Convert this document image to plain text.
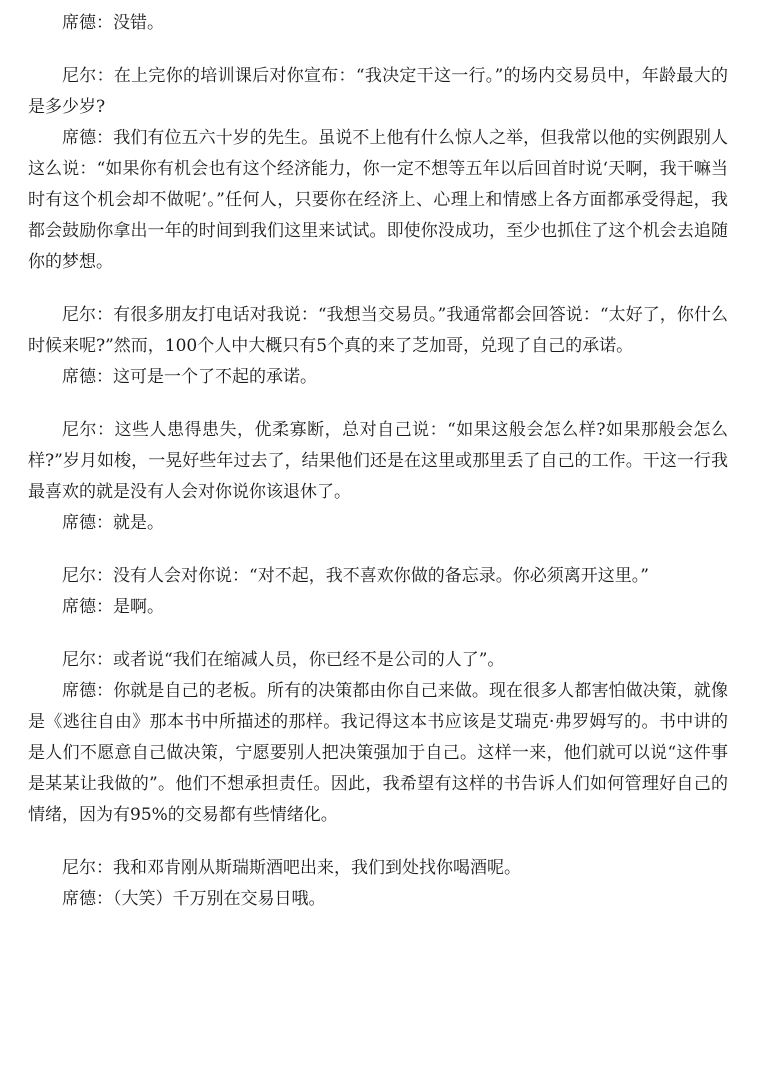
席德：没错。

尼尔：在上完你的培训课后对你宣布：“我决定干这一行。”的场内交易员中，年龄最大的是多少岁?

席德：我们有位五六十岁的先生。虽说不上他有什么惊人之举，但我常以他的实例跟别人这么说：“如果你有机会也有这个经济能力，你一定不想等五年以后回首时说‘天啊，我干嘛当时有这个机会却不做呢’。”任何人，只要你在经济上、心理上和情感上各方面都承受得起，我都会鼓励你拿出一年的时间到我们这里来试试。即使你没成功，至少也抓住了这个机会去追随你的梦想。

尼尔：有很多朋友打电话对我说：“我想当交易员。”我通常都会回答说：“太好了，你什么时候来呢?”然而，100个人中大概只有5个真的来了芝加哥，兑现了自己的承诺。

席德：这可是一个了不起的承诺。

尼尔：这些人患得患失，优柔寡断，总对自己说：“如果这般会怎么样?如果那般会怎么样?”岁月如梭，一晃好些年过去了，结果他们还是在这里或那里丢了自己的工作。干这一行我最喜欢的就是没有人会对你说你该退休了。

席德：就是。

尼尔：没有人会对你说：“对不起，我不喜欢你做的备忘录。你必须离开这里。”

席德：是啊。

尼尔：或者说“我们在缩减人员，你已经不是公司的人了”。

席德：你就是自己的老板。所有的决策都由你自己来做。现在很多人都害怕做决策，就像是《逃往自由》那本书中所描述的那样。我记得这本书应该是艾瑞克·弗罗姆写的。书中讲的是人们不愿意自己做决策，宁愿要别人把决策强加于自己。这样一来，他们就可以说“这件事是某某让我做的”。他们不想承担责任。因此，我希望有这样的书告诉人们如何管理好自己的情绪，因为有95%的交易都有些情绪化。

尼尔：我和邓肯刚从斯瑞斯酒吧出来，我们到处找你喝酒呢。

席德：（大笑）千万别在交易日哦。
